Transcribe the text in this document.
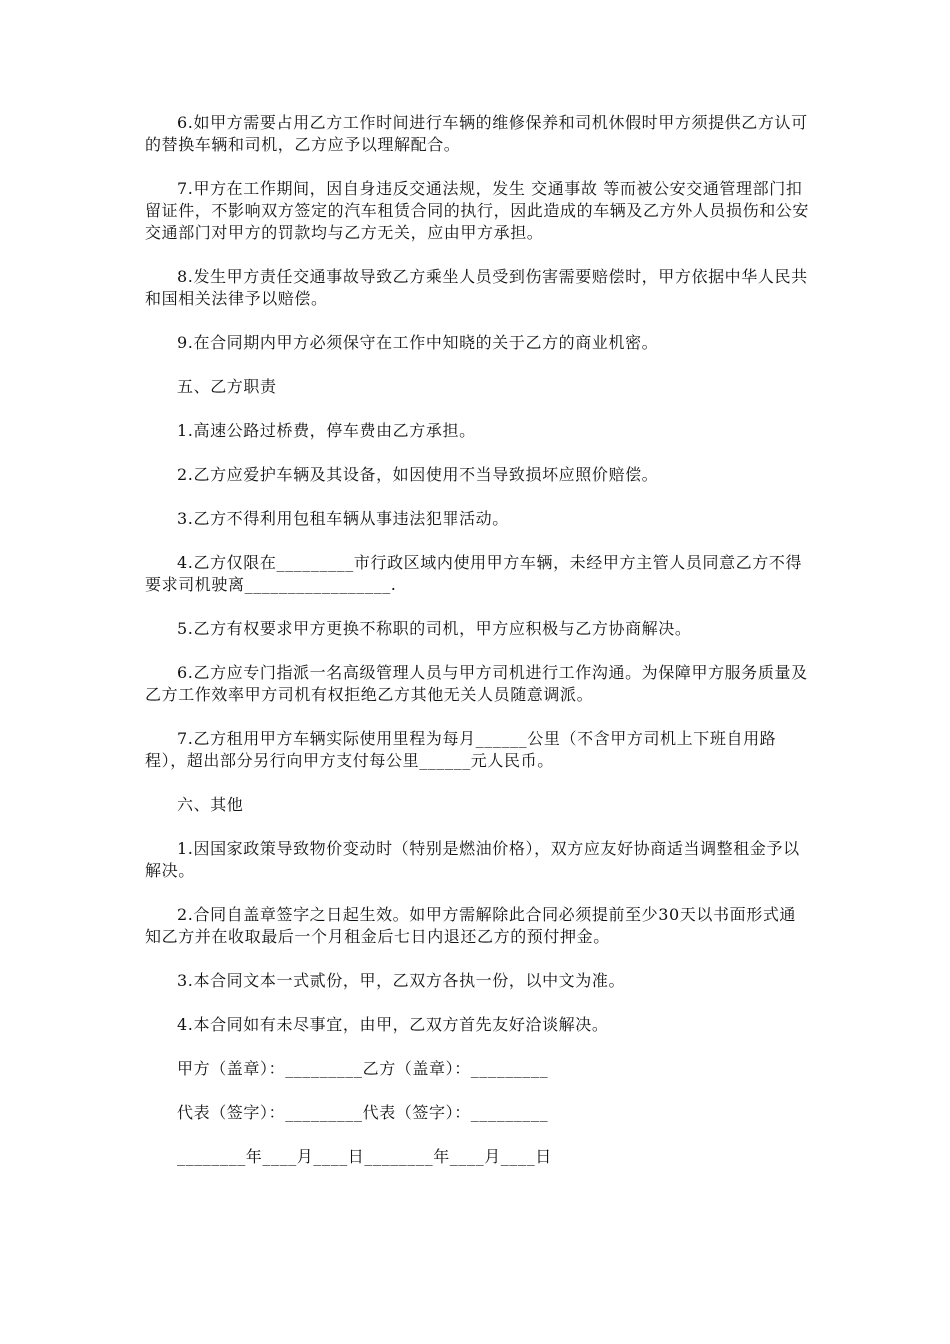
6.如甲方需要占用乙方工作时间进行车辆的维修保养和司机休假时甲方须提供乙方认可的替换车辆和司机，乙方应予以理解配合。

7.甲方在工作期间，因自身违反交通法规，发生 交通事故 等而被公安交通管理部门扣留证件，不影响双方签定的汽车租赁合同的执行，因此造成的车辆及乙方外人员损伤和公安交通部门对甲方的罚款均与乙方无关，应由甲方承担。

8.发生甲方责任交通事故导致乙方乘坐人员受到伤害需要赔偿时，甲方依据中华人民共和国相关法律予以赔偿。

9.在合同期内甲方必须保守在工作中知晓的关于乙方的商业机密。

五、乙方职责

1.高速公路过桥费，停车费由乙方承担。

2.乙方应爱护车辆及其设备，如因使用不当导致损坏应照价赔偿。

3.乙方不得利用包租车辆从事违法犯罪活动。

4.乙方仅限在_________市行政区域内使用甲方车辆，未经甲方主管人员同意乙方不得要求司机驶离_________________.

5.乙方有权要求甲方更换不称职的司机，甲方应积极与乙方协商解决。

6.乙方应专门指派一名高级管理人员与甲方司机进行工作沟通。为保障甲方服务质量及乙方工作效率甲方司机有权拒绝乙方其他无关人员随意调派。

7.乙方租用甲方车辆实际使用里程为每月______公里（不含甲方司机上下班自用路程），超出部分另行向甲方支付每公里______元人民币。

六、其他

1.因国家政策导致物价变动时（特别是燃油价格），双方应友好协商适当调整租金予以解决。

2.合同自盖章签字之日起生效。如甲方需解除此合同必须提前至少30天以书面形式通知乙方并在收取最后一个月租金后七日内退还乙方的预付押金。

3.本合同文本一式贰份，甲，乙双方各执一份，以中文为准。

4.本合同如有未尽事宜，由甲，乙双方首先友好洽谈解决。

甲方（盖章）：_________乙方（盖章）：_________

代表（签字）：_________代表（签字）：_________

________年____月____日________年____月____日
